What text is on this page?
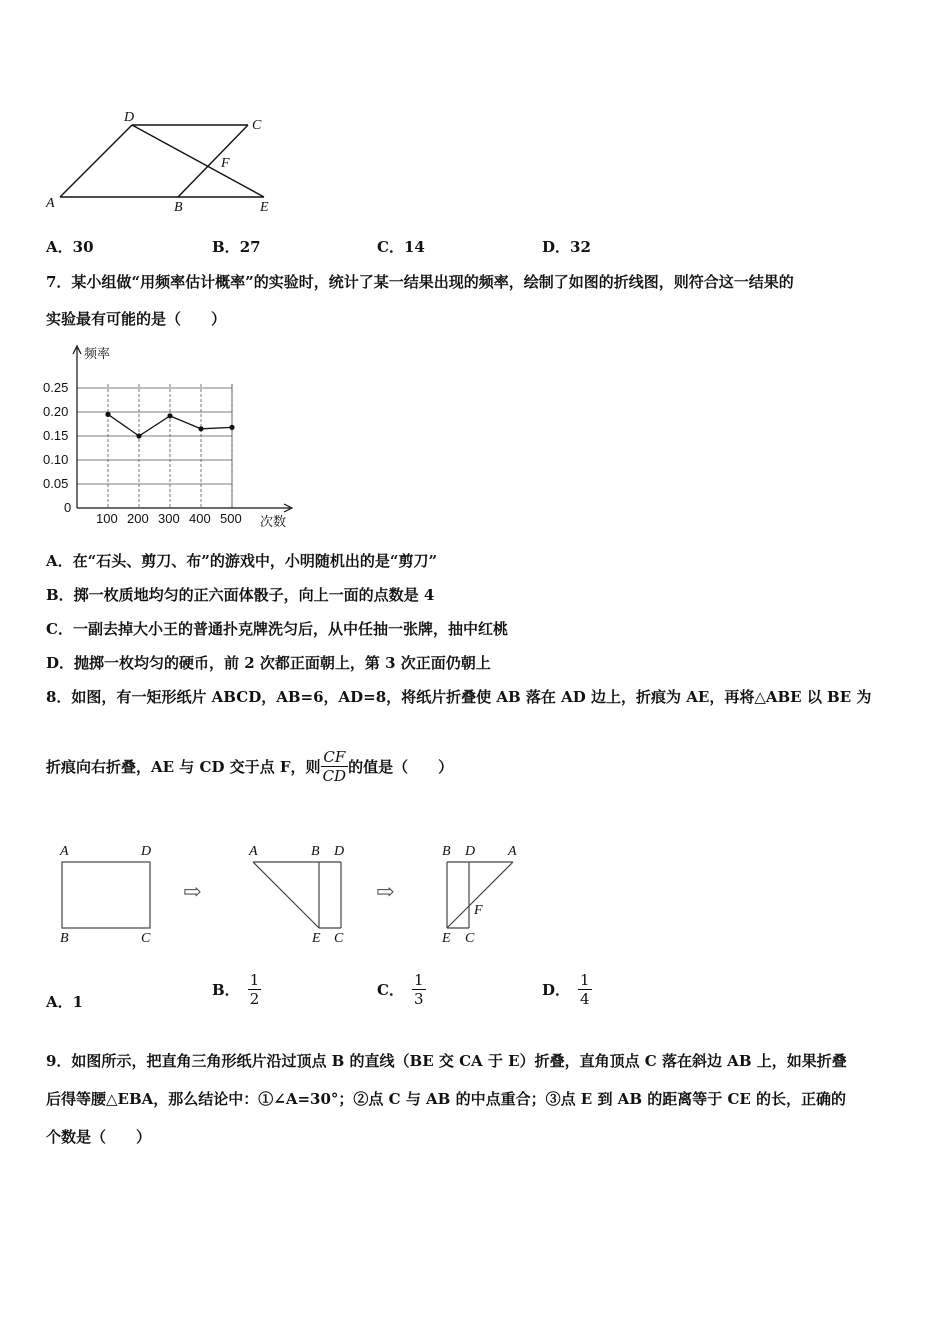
A
D
C
F
B	E
A．30	B．27	C．14	D．32
7．某小组做“用频率估计概率”的实验时，统计了某一结果出现的频率，绘制了如图的折线图，则符合这一结果的
实验最有可能的是（　　）
频率
次数
0
0.25
0.20
0.15
0.10
0.05
100 200 300 400 500
A．在“石头、剪刀、布”的游戏中，小明随机出的是“剪刀”
B．掷一枚质地均匀的正六面体骰子，向上一面的点数是 4
C．一副去掉大小王的普通扑克牌洗匀后，从中任抽一张牌，抽中红桃
D．抛掷一枚均匀的硬币，前 2 次都正面朝上，第 3 次正面仍朝上
8．如图，有一矩形纸片 ABCD，AB=6，AD=8，将纸片折叠使 AB 落在 AD 边上，折痕为 AE，再将△ABE 以 BE 为
折痕向右折叠，AE 与 CD 交于点 F，则 $\frac{CF}{CD}$ 的值是（　　）
A	D
B	C
⇨
A	B D
E C
⇨
B D A
F
E C
A．1
B． $\frac{1}{2}$	C． $\frac{1}{3}$	D． $\frac{1}{4}$
9．如图所示，把直角三角形纸片沿过顶点 B 的直线（BE 交 CA 于 E）折叠，直角顶点 C 落在斜边 AB 上，如果折叠
后得等腰△EBA，那么结论中：①∠A=30°；②点 C 与 AB 的中点重合；③点 E 到 AB 的距离等于 CE 的长，正确的
个数是（　　）
